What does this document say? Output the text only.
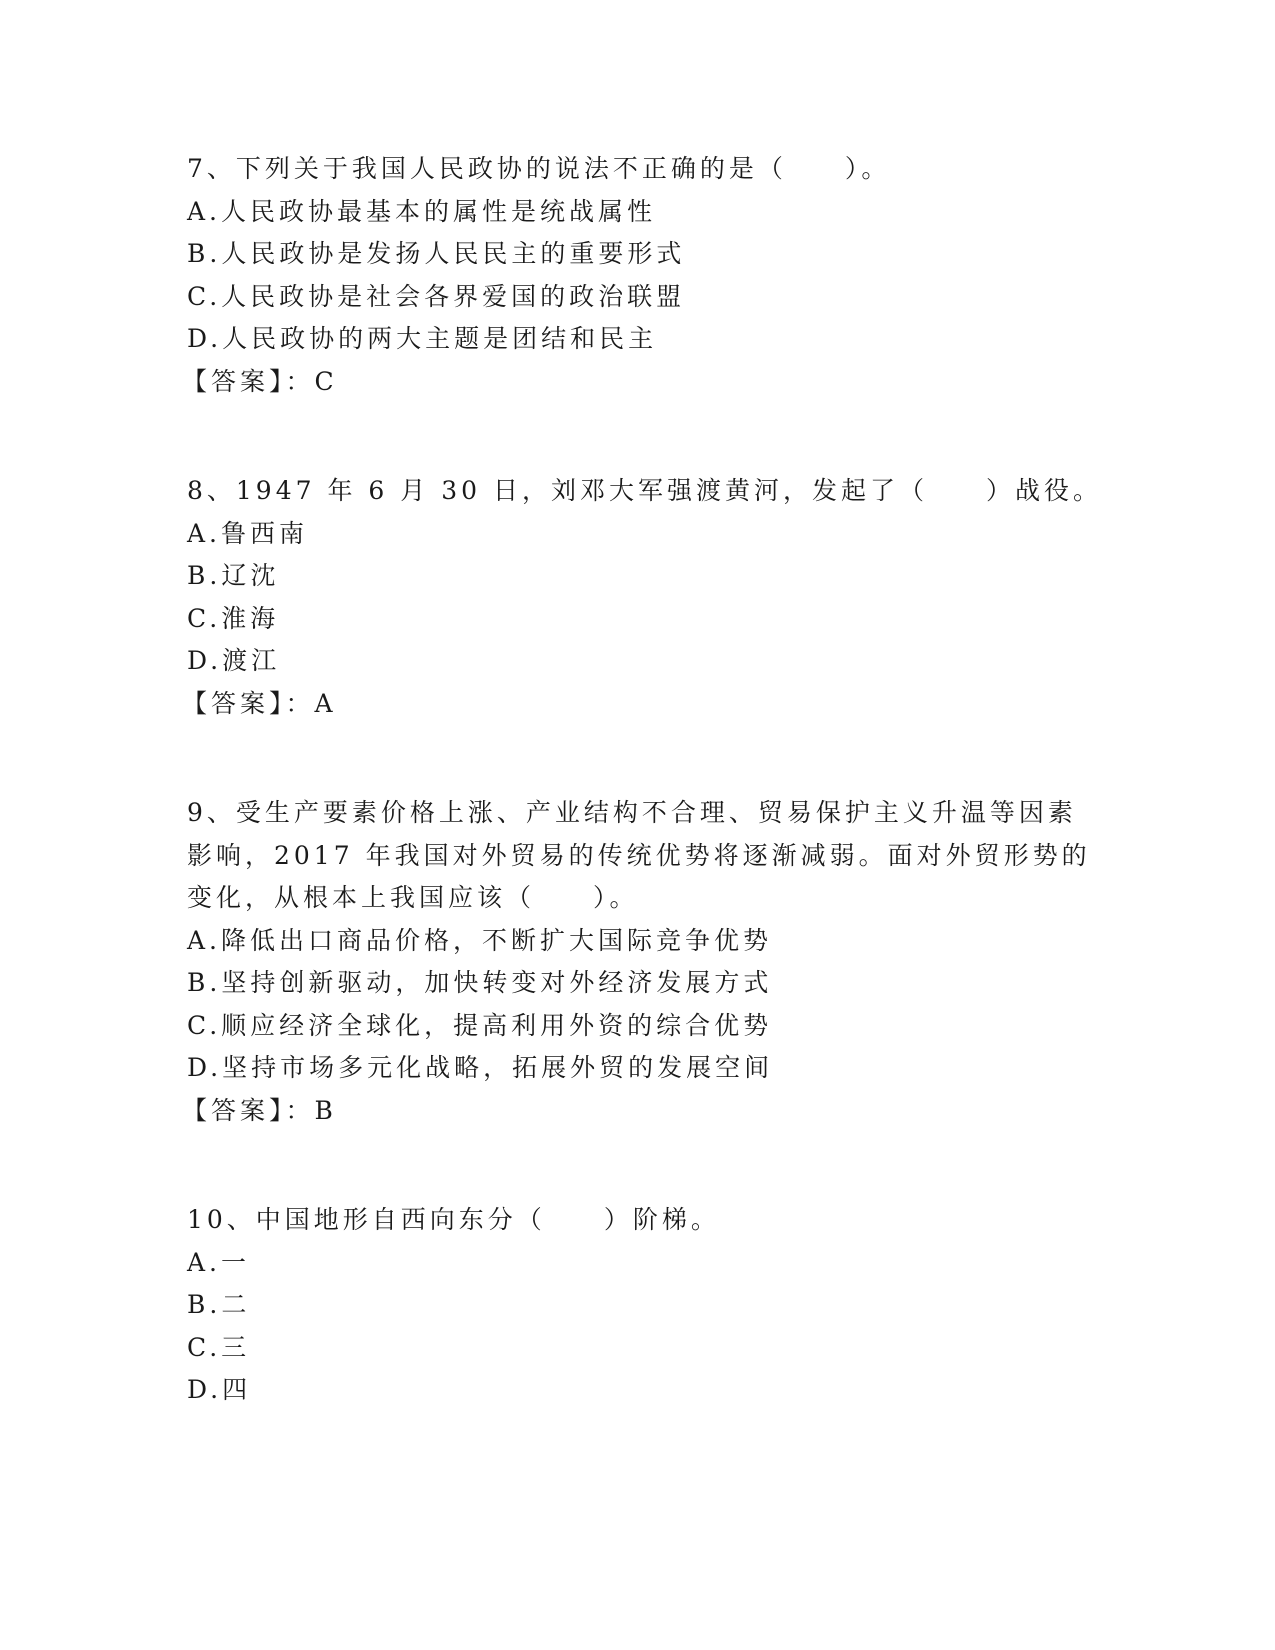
7、下列关于我国人民政协的说法不正确的是（　　）。
A.人民政协最基本的属性是统战属性
B.人民政协是发扬人民民主的重要形式
C.人民政协是社会各界爱国的政治联盟
D.人民政协的两大主题是团结和民主
【答案】：C
8、1947 年 6 月 30 日，刘邓大军强渡黄河，发起了（　　）战役。
A.鲁西南
B.辽沈
C.淮海
D.渡江
【答案】：A
9、受生产要素价格上涨、产业结构不合理、贸易保护主义升温等因素
影响，2017 年我国对外贸易的传统优势将逐渐减弱。面对外贸形势的
变化，从根本上我国应该（　　）。
A.降低出口商品价格，不断扩大国际竞争优势
B.坚持创新驱动，加快转变对外经济发展方式
C.顺应经济全球化，提高利用外资的综合优势
D.坚持市场多元化战略，拓展外贸的发展空间
【答案】：B
10、中国地形自西向东分（　　）阶梯。
A.一
B.二
C.三
D.四
